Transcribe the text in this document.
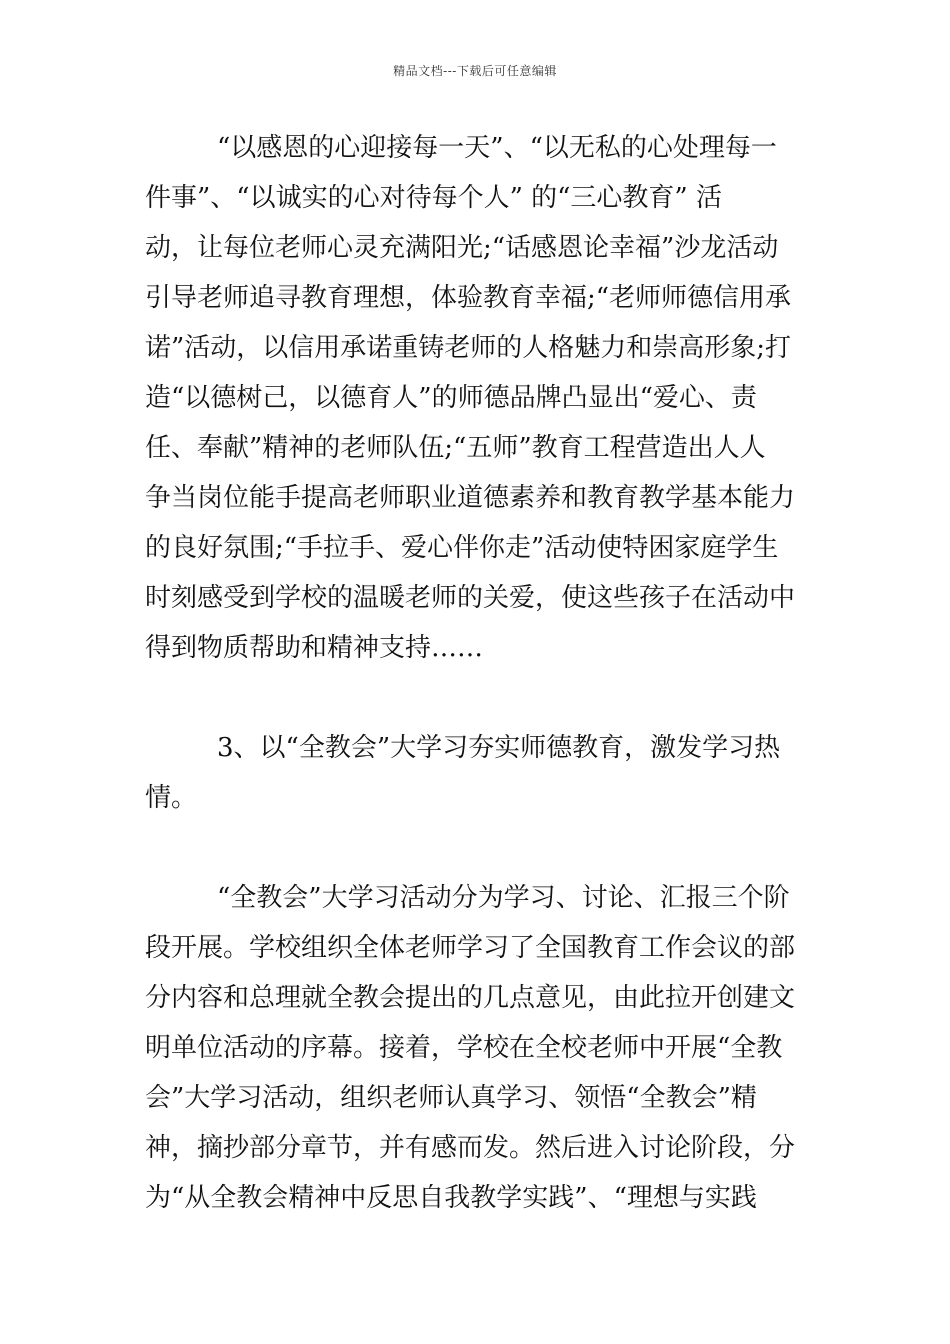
精品文档---下载后可任意编辑
“以感恩的心迎接每一天”、“以无私的心处理每一
件事”、“以诚实的心对待每个人” 的“三心教育” 活
动，让每位老师心灵充满阳光;“话感恩论幸福”沙龙活动
引导老师追寻教育理想，体验教育幸福;“老师师德信用承
诺”活动，以信用承诺重铸老师的人格魅力和崇高形象;打
造“以德树己，以德育人”的师德品牌凸显出“爱心、责
任、奉献”精神的老师队伍;“五师”教育工程营造出人人
争当岗位能手提高老师职业道德素养和教育教学基本能力
的良好氛围;“手拉手、爱心伴你走”活动使特困家庭学生
时刻感受到学校的温暖老师的关爱，使这些孩子在活动中
得到物质帮助和精神支持……
3、以“全教会”大学习夯实师德教育，激发学习热
情。
“全教会”大学习活动分为学习、讨论、汇报三个阶
段开展。学校组织全体老师学习了全国教育工作会议的部
分内容和总理就全教会提出的几点意见，由此拉开创建文
明单位活动的序幕。接着，学校在全校老师中开展“全教
会”大学习活动，组织老师认真学习、领悟“全教会”精
神，摘抄部分章节，并有感而发。然后进入讨论阶段，分
为“从全教会精神中反思自我教学实践”、“理想与实践
